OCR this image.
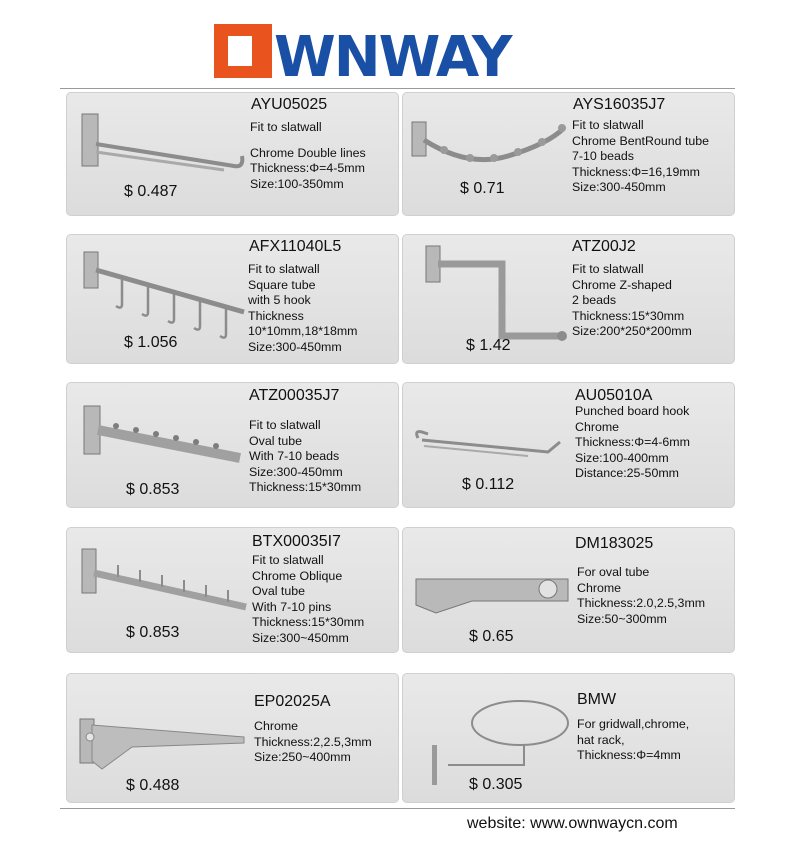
WNWAY
AYU05025
Fit to slatwall
Chrome Double lines
Thickness:Φ=4-5mm
Size:100-350mm
$ 0.487
AYS16035J7
Fit to slatwall
Chrome BentRound tube
7-10 beads
Thickness:Φ=16,19mm
Size:300-450mm
$ 0.71
AFX11040L5
Fit to slatwall
Square tube
with 5 hook
Thickness
10*10mm,18*18mm
Size:300-450mm
$ 1.056
ATZ00J2
Fit to slatwall
Chrome Z-shaped
2 beads
Thickness:15*30mm
Size:200*250*200mm
$ 1.42
ATZ00035J7
Fit to slatwall
Oval tube
With 7-10 beads
Size:300-450mm
Thickness:15*30mm
$ 0.853
AU05010A
Punched board hook
Chrome
Thickness:Φ=4-6mm
Size:100-400mm
Distance:25-50mm
$ 0.112
BTX00035I7
Fit to slatwall
Chrome Oblique
Oval tube
With 7-10 pins
Thickness:15*30mm
Size:300~450mm
$ 0.853
DM183025
For oval tube
Chrome
Thickness:2.0,2.5,3mm
Size:50~300mm
$ 0.65
EP02025A
Chrome
Thickness:2,2.5,3mm
Size:250~400mm
$ 0.488
BMW
For gridwall,chrome,
hat rack,
Thickness:Φ=4mm
$ 0.305
website: www.ownwaycn.com
